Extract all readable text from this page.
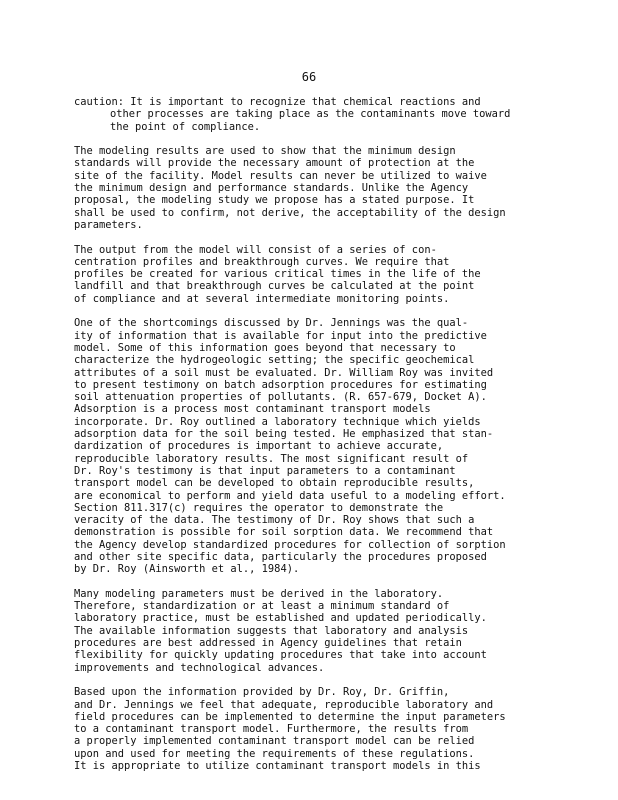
66
caution: It is important to recognize that chemical reactions and
other processes are taking place as the contaminants move toward
the point of compliance.
The modeling results are used to show that the minimum design
standards will provide the necessary amount of protection at the
site of the facility. Model results can never be utilized to waive
the minimum design and performance standards. Unlike the Agency
proposal, the modeling study we propose has a stated purpose. It
shall be used to confirm, not derive, the acceptability of the design
parameters.
The output from the model will consist of a series of con-
centration profiles and breakthrough curves. We require that
profiles be created for various critical times in the life of the
landfill and that breakthrough curves be calculated at the point
of compliance and at several intermediate monitoring points.
One of the shortcomings discussed by Dr. Jennings was the qual-
ity of information that is available for input into the predictive
model. Some of this information goes beyond that necessary to
characterize the hydrogeologic setting; the specific geochemical
attributes of a soil must be evaluated. Dr. William Roy was invited
to present testimony on batch adsorption procedures for estimating
soil attenuation properties of pollutants. (R. 657-679, Docket A).
Adsorption is a process most contaminant transport models
incorporate. Dr. Roy outlined a laboratory technique which yields
adsorption data for the soil being tested. He emphasized that stan-
dardization of procedures is important to achieve accurate,
reproducible laboratory results. The most significant result of
Dr. Roy's testimony is that input parameters to a contaminant
transport model can be developed to obtain reproducible results,
are economical to perform and yield data useful to a modeling effort.
Section 811.317(c) requires the operator to demonstrate the
veracity of the data. The testimony of Dr. Roy shows that such a
demonstration is possible for soil sorption data. We recommend that
the Agency develop standardized procedures for collection of sorption
and other site specific data, particularly the procedures proposed
by Dr. Roy (Ainsworth et al., 1984).
Many modeling parameters must be derived in the laboratory.
Therefore, standardization or at least a minimum standard of
laboratory practice, must be established and updated periodically.
The available information suggests that laboratory and analysis
procedures are best addressed in Agency guidelines that retain
flexibility for quickly updating procedures that take into account
improvements and technological advances.
Based upon the information provided by Dr. Roy, Dr. Griffin,
and Dr. Jennings we feel that adequate, reproducible laboratory and
field procedures can be implemented to determine the input parameters
to a contaminant transport model. Furthermore, the results from
a properly implemented contaminant transport model can be relied
upon and used for meeting the requirements of these regulations.
It is appropriate to utilize contaminant transport models in this
